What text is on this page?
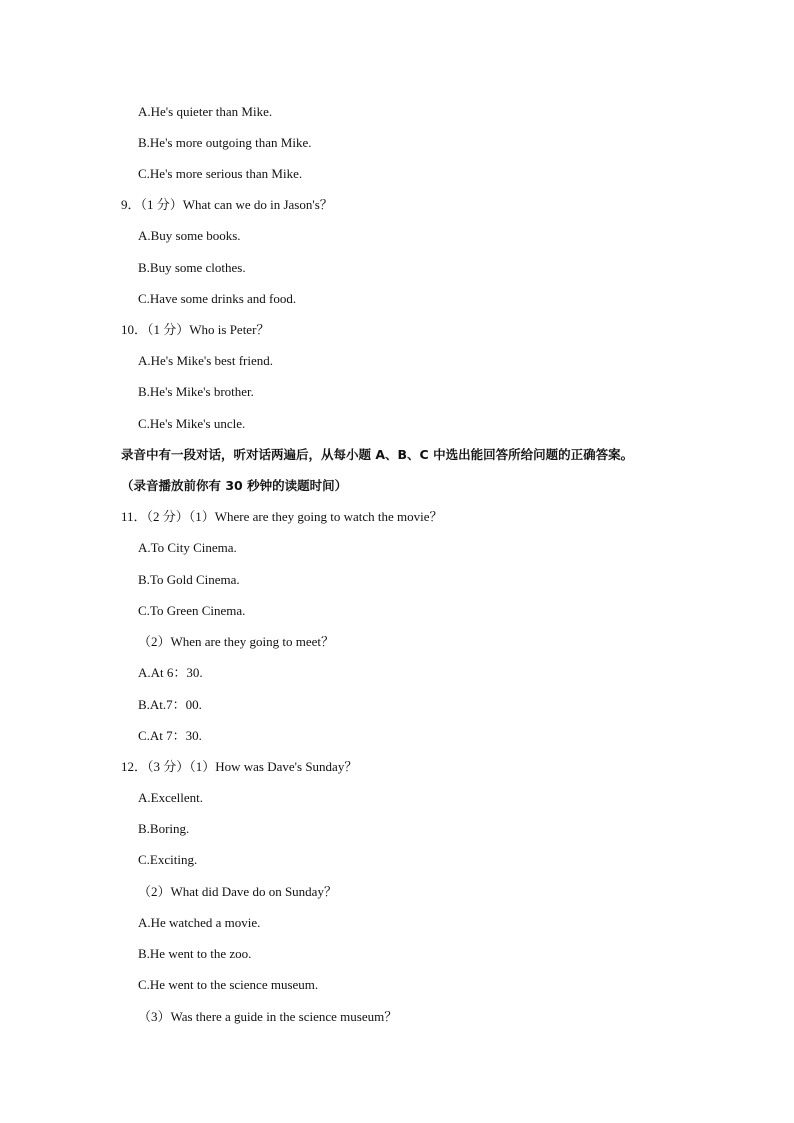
A.He's quieter than Mike.
B.He's more outgoing than Mike.
C.He's more serious than Mike.
9．（1 分）What can we do in Jason's？
A.Buy some books.
B.Buy some clothes.
C.Have some drinks and food.
10．（1 分）Who is Peter？
A.He's Mike's best friend.
B.He's Mike's brother.
C.He's Mike's uncle.
录音中有一段对话，听对话两遍后，从每小题 A、B、C 中选出能回答所给问题的正确答案。
（录音播放前你有 30 秒钟的读题时间）
11．（2 分）（1）Where are they going to watch the movie？
A.To City Cinema.
B.To Gold Cinema.
C.To Green Cinema.
（2）When are they going to meet？
A.At 6：30.
B.At.7：00.
C.At 7：30.
12．（3 分）（1）How was Dave's Sunday？
A.Excellent.
B.Boring.
C.Exciting.
（2）What did Dave do on Sunday？
A.He watched a movie.
B.He went to the zoo.
C.He went to the science museum.
（3）Was there a guide in the science museum？
